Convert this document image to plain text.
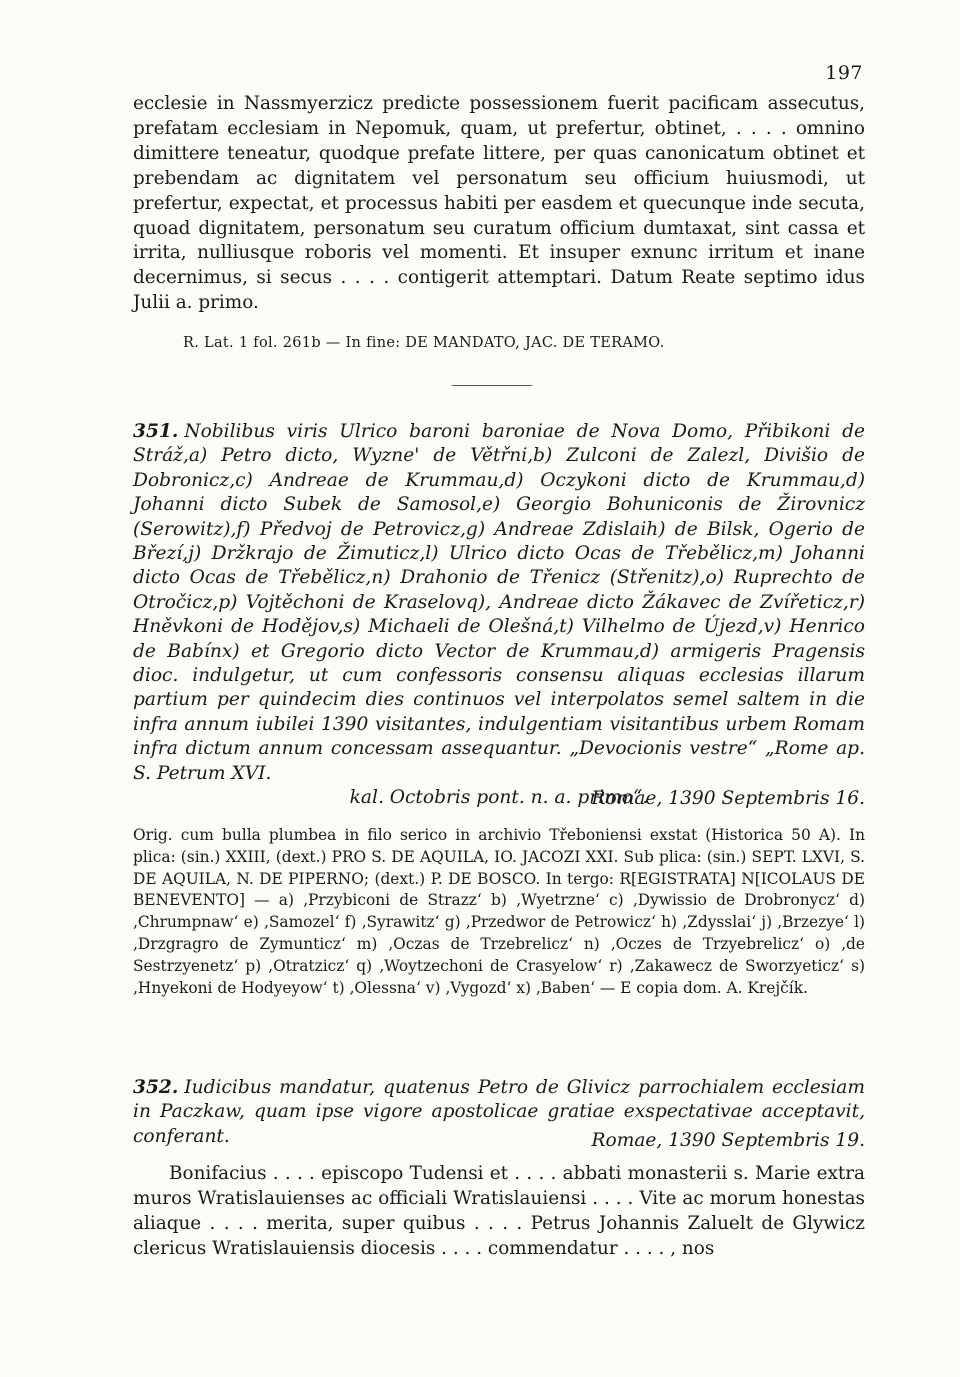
197
ecclesie in Nassmyerzicz predicte possessionem fuerit pacificam assecutus, prefatam ecclesiam in Nepomuk, quam, ut prefertur, obtinet, . . . . omnino dimittere teneatur, quodque prefate littere, per quas canonicatum obtinet et prebendam ac dignitatem vel personatum seu officium huiusmodi, ut prefertur, expectat, et processus habiti per easdem et quecunque inde secuta, quoad dignitatem, personatum seu curatum officium dumtaxat, sint cassa et irrita, nulliusque roboris vel momenti. Et insuper exnunc irritum et inane decernimus, si secus . . . . contigerit attemptari. Datum Reate septimo idus Julii a. primo.
R. Lat. 1 fol. 261b — In fine: DE MANDATO, JAC. DE TERAMO.
351. Nobilibus viris Ulrico baroni baroniae de Nova Domo, Přibikoni de Stráž,a) Petro dicto, Wyzne' de Větřni,b) Zulconi de Zalezl, Divišio de Dobronicz,c) Andreae de Krummau,d) Oczykoni dicto de Krummau,d) Johanni dicto Subek de Samosol,e) Georgio Bohuniconis de Žirovnicz (Serowitz),f) Předvoj de Petrovicz,g) Andreae Zdislaih) de Bilsk, Ogerio de Březí,j) Držkrajo de Žimuticz,l) Ulrico dicto Ocas de Třebělicz,m) Johanni dicto Ocas de Třebělicz,n) Drahonio de Třenicz (Střenitz),o) Ruprechto de Otročicz,p) Vojtěchoni de Kraselovq), Andreae dicto Žákavec de Zvířeticz,r) Hněvkoni de Hodějov,s) Michaeli de Olešná,t) Vilhelmo de Újezd,v) Henrico de Babínx) et Gregorio dicto Vector de Krummau,d) armigeris Pragensis dioc. indulgetur, ut cum confessoris consensu aliquas ecclesias illarum partium per quindecim dies continuos vel interpolatos semel saltem in die infra annum iubilei 1390 visitantes, indulgentiam visitantibus urbem Romam infra dictum annum concessam assequantur. „Devocionis vestre“ „Rome ap. S. Petrum XVI.
kal. Octobris pont. n. a. primo“.
Romae, 1390 Septembris 16.
Orig. cum bulla plumbea in filo serico in archivio Třeboniensi exstat (Historica 50 A). In plica: (sin.) XXIII, (dext.) PRO S. DE AQUILA, IO. JACOZI XXI. Sub plica: (sin.) SEPT. LXVI, S. DE AQUILA, N. DE PIPERNO; (dext.) P. DE BOSCO. In tergo: R[EGISTRATA] N[ICOLAUS DE BENEVENTO] — a) ‚Przybiconi de Strazz‘ b) ‚Wyetrzne‘ c) ‚Dywissio de Drobronycz‘ d) ‚Chrumpnaw‘ e) ‚Samozel‘ f) ‚Syrawitz‘ g) ‚Przedwor de Petrowicz‘ h) ‚Zdysslai‘ j) ‚Brzezye‘ l) ‚Drzgragro de Zymunticz‘ m) ‚Oczas de Trzebrelicz‘ n) ‚Oczes de Trzyebrelicz‘ o) ‚de Sestrzyenetz‘ p) ‚Otratzicz‘ q) ‚Woytzechoni de Crasyelow‘ r) ‚Zakawecz de Sworzyeticz‘ s) ‚Hnyekoni de Hodyeyow‘ t) ‚Olessna‘ v) ‚Vygozd‘ x) ‚Baben‘ — E copia dom. A. Krejčík.
352. Iudicibus mandatur, quatenus Petro de Glivicz parrochialem ecclesiam in Paczkaw, quam ipse vigore apostolicae gratiae exspectativae acceptavit, conferant.	Romae, 1390 Septembris 19.
Bonifacius . . . . episcopo Tudensi et . . . . abbati monasterii s. Marie extra muros Wratislauienses ac officiali Wratislauiensi . . . . Vite ac morum honestas aliaque . . . . merita, super quibus . . . . Petrus Johannis Zaluelt de Glywicz clericus Wratislauiensis diocesis . . . . commendatur . . . . , nos
